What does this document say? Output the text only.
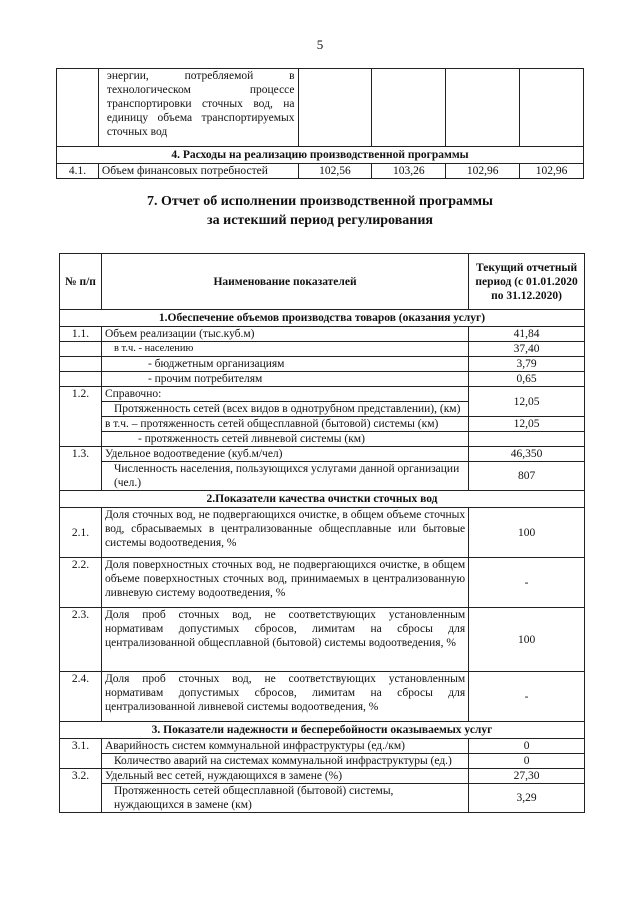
5
	энергии, потребляемой в технологическом процессе транспортировки сточных вод, на единицу объема транспортируемых сточных вод				
4. Расходы на реализацию производственной программы					
4.1.	Объем финансовых потребностей	102,56	103,26	102,96	102,96
7. Отчет об исполнении производственной программы
за истекший период регулирования
№ п/п	Наименование показателей	Текущий отчетный период (с 01.01.2020 по 31.12.2020)
1.Обеспечение объемов производства товаров (оказания услуг)		
1.1.	Объем реализации (тыс.куб.м)	41,84
	в т.ч. - населению	37,40
	- бюджетным организациям	3,79
	- прочим потребителям	0,65
1.2.	Справочно:	12,05
	Протяженность сетей (всех видов в однотрубном представлении), (км)	
	в т.ч. – протяженность сетей общесплавной (бытовой) системы (км)	12,05
	- протяженность сетей ливневой системы (км)	
1.3.	Удельное водоотведение (куб.м/чел)	46,350
	Численность населения, пользующихся услугами данной организации (чел.)	807
2.Показатели качества очистки сточных вод		
2.1.	Доля сточных вод, не подвергающихся очистке, в общем объеме сточных вод, сбрасываемых в централизованные общесплавные или бытовые системы водоотведения, %	100
2.2.	Доля поверхностных сточных вод, не подвергающихся очистке, в общем объеме поверхностных сточных вод, принимаемых в централизованную ливневую систему водоотведения, %	-
2.3.	Доля проб сточных вод, не соответствующих установленным нормативам допустимых сбросов, лимитам на сбросы для централизованной общесплавной (бытовой) системы водоотведения, %	100
2.4.	Доля проб сточных вод, не соответствующих установленным нормативам допустимых сбросов, лимитам на сбросы для централизованной ливневой системы водоотведения, %	-
3. Показатели надежности и бесперебойности оказываемых услуг		
3.1.	Аварийность систем коммунальной инфраструктуры (ед./км)	0
	Количество аварий на системах коммунальной инфраструктуры (ед.)	0
3.2.	Удельный вес сетей, нуждающихся в замене (%)	27,30
	Протяженность сетей общесплавной (бытовой) системы, нуждающихся в замене (км)	3,29
